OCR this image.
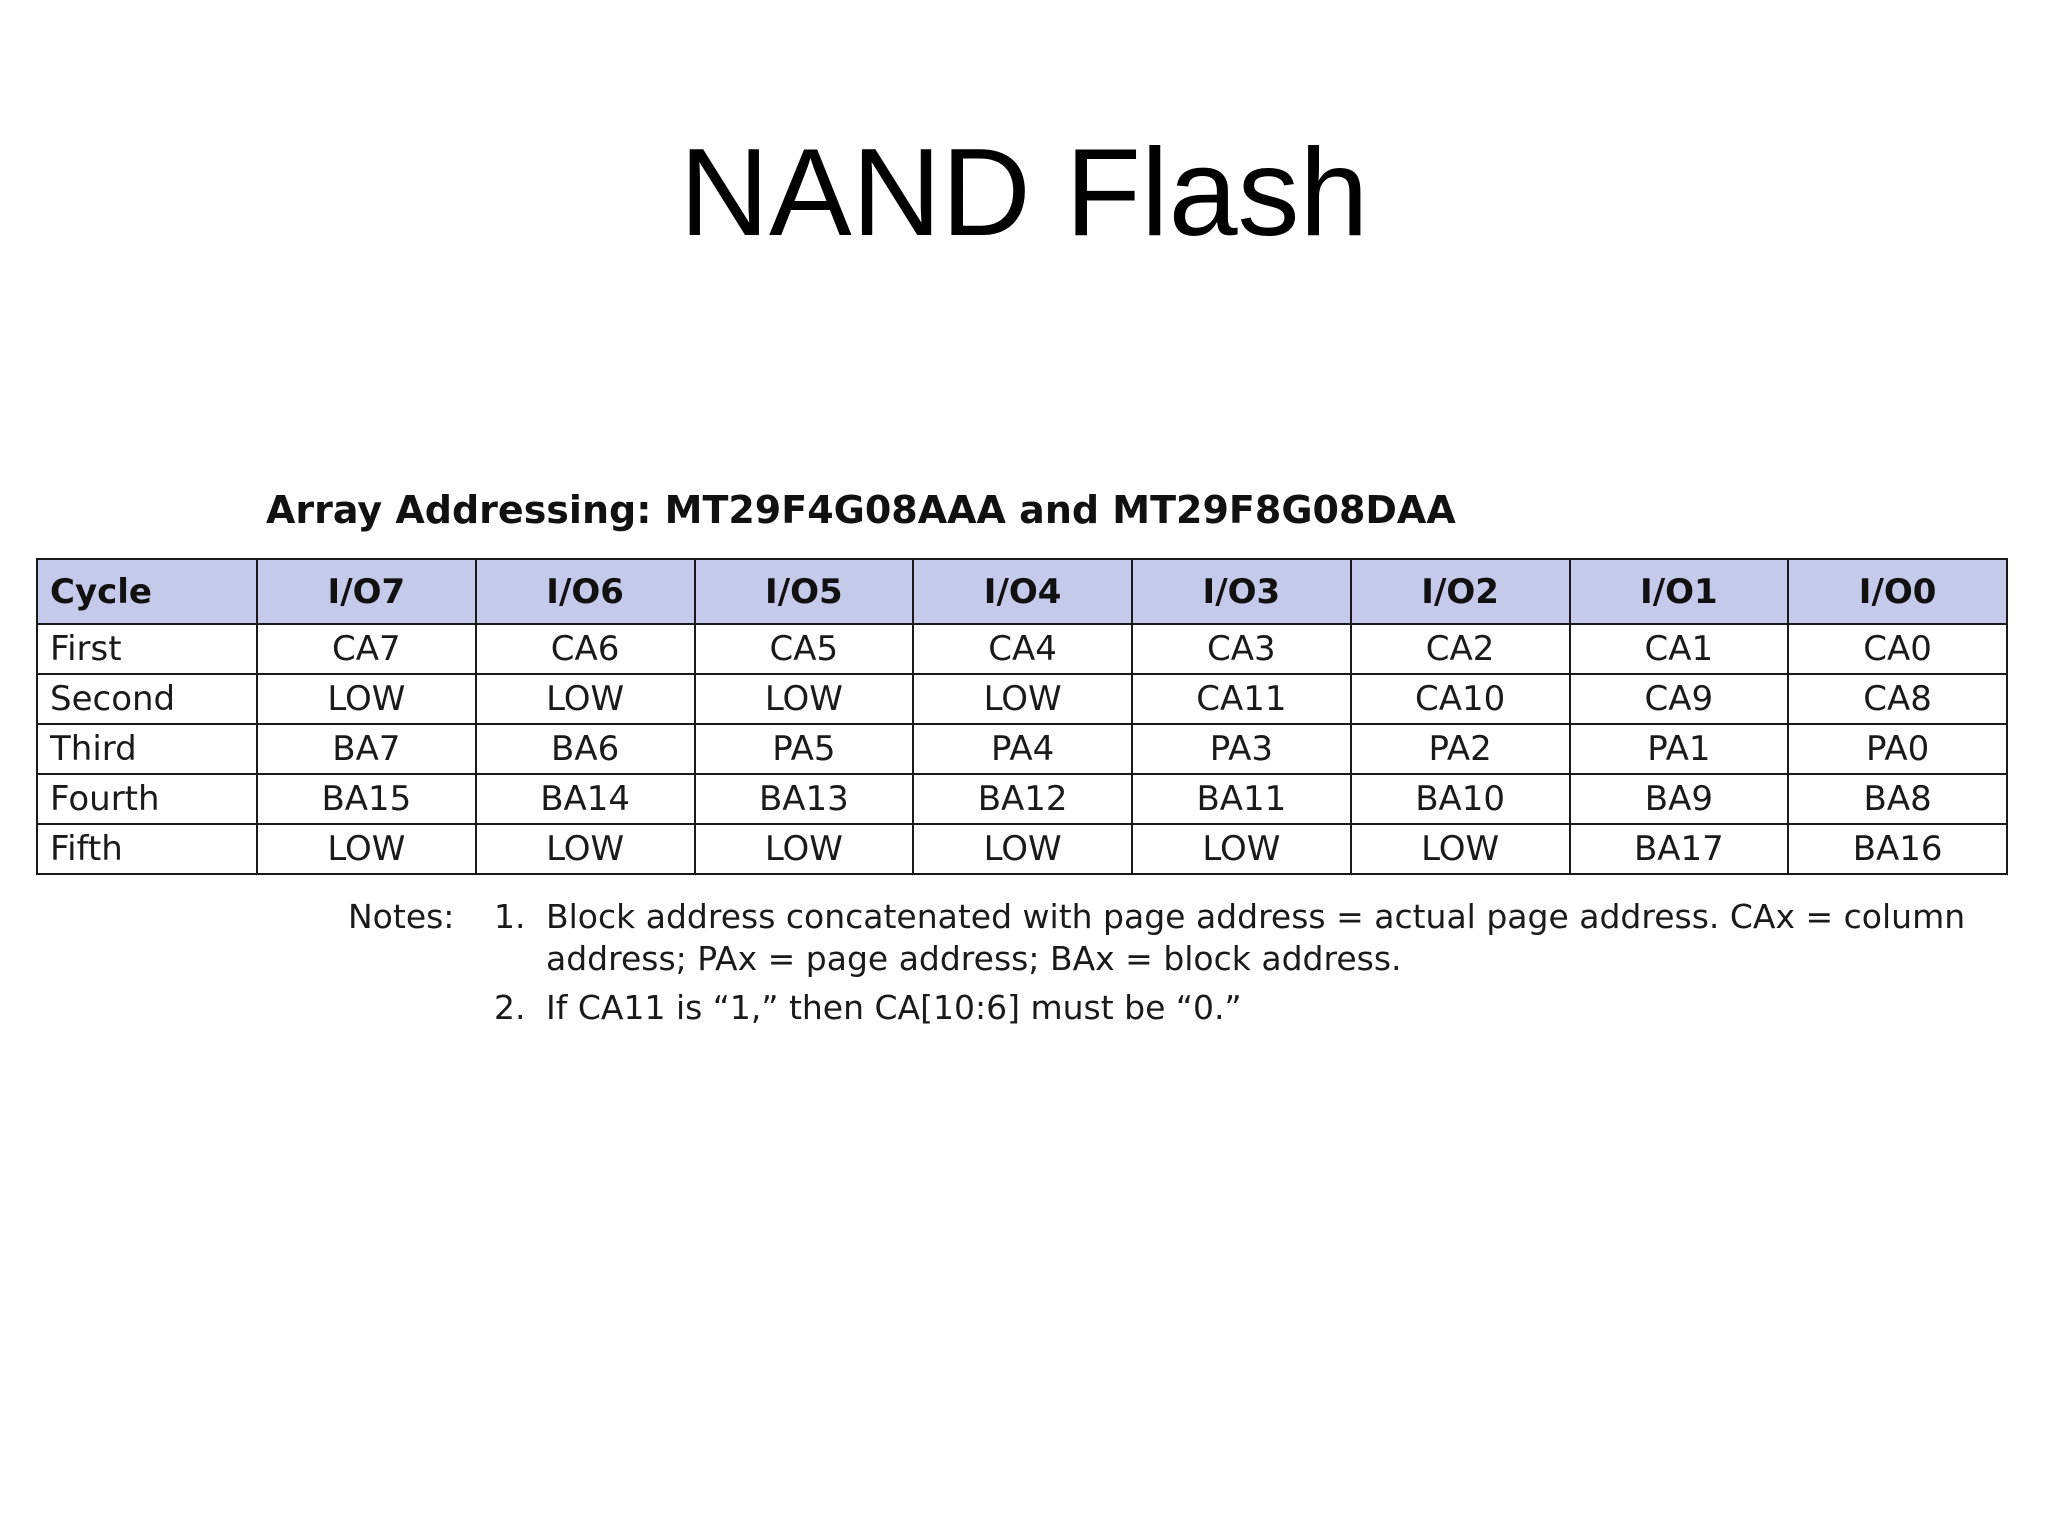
NAND Flash
Array Addressing: MT29F4G08AAA and MT29F8G08DAA
Cycle	I/O7	I/O6	I/O5	I/O4	I/O3	I/O2	I/O1	I/O0
First	CA7	CA6	CA5	CA4	CA3	CA2	CA1	CA0
Second	LOW	LOW	LOW	LOW	CA11	CA10	CA9	CA8
Third	BA7	BA6	PA5	PA4	PA3	PA2	PA1	PA0
Fourth	BA15	BA14	BA13	BA12	BA11	BA10	BA9	BA8
Fifth	LOW	LOW	LOW	LOW	LOW	LOW	BA17	BA16
Notes: 1. Block address concatenated with page address = actual page address. CAx = column
address; PAx = page address; BAx = block address.
2. If CA11 is “1,” then CA[10:6] must be “0.”
